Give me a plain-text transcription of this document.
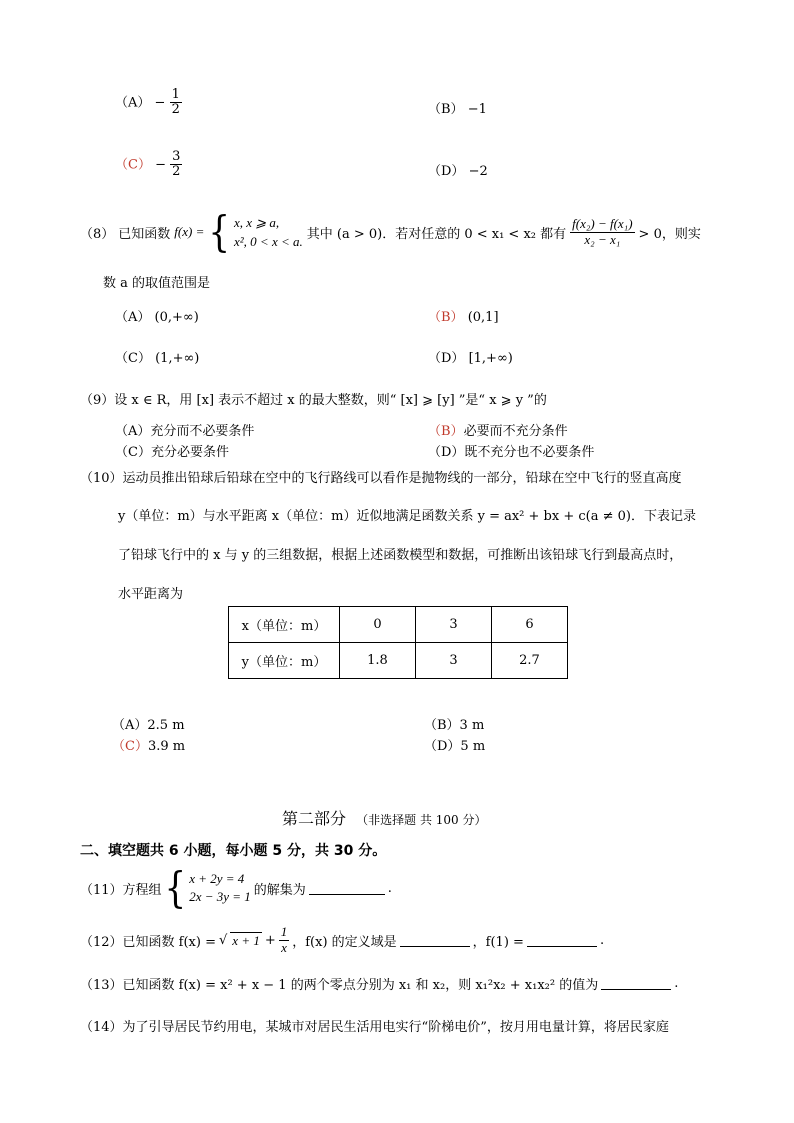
$(A) - \frac{1}{2}$	（B） −1
$(C) - \frac{3}{2}$	（D） −2
（8） 已知函数 f(x) = { x, x ⩾ a,
x², 0 < x < a. 其中 (a > 0)．若对任意的 0 < x₁ < x₂ 都有 $\frac{\text{f(x₂) − f(x₁)}}{\text{x₂ − x₁}} > 0$，则实
数 a 的取值范围是
（A） (0,+∞)	（B） (0,1]
（C） (1,+∞)	（D） [1,+∞)
（9）设 x ∈ R，用 [x] 表示不超过 x 的最大整数，则“ [x] ⩾ [y] ”是“ x ⩾ y ”的
（A）充分而不必要条件	（B）必要而不充分条件
（C）充分必要条件	（D）既不充分也不必要条件
（10）运动员推出铅球后铅球在空中的飞行路线可以看作是抛物线的一部分，铅球在空中飞行的竖直高度
y（单位：m）与水平距离 x（单位：m）近似地满足函数关系 y = ax² + bx + c(a ≠ 0)．下表记录
了铅球飞行中的 x 与 y 的三组数据，根据上述函数模型和数据，可推断出该铅球飞行到最高点时，
水平距离为
x（单位：m）	0	3	6
y（单位：m）	1.8	3	2.7
（A）2.5 m	（B）3 m
（C）3.9 m	（D）5 m
第二部分 （非选择题 共 100 分）
二、填空题共 6 小题，每小题 5 分，共 30 分。
（11）方程组 { x + 2y = 4
2x − 3y = 1 的解集为	.
（12）已知函数 f(x) = √ $x + 1 + \frac{1}{x}$ ，f(x) 的定义域是	，f(1) =	.
（13）已知函数 f(x) = x² + x − 1 的两个零点分别为 x₁ 和 x₂，则 x₁²x₂ + x₁x₂² 的值为	.
（14）为了引导居民节约用电，某城市对居民生活用电实行“阶梯电价”，按月用电量计算，将居民家庭
